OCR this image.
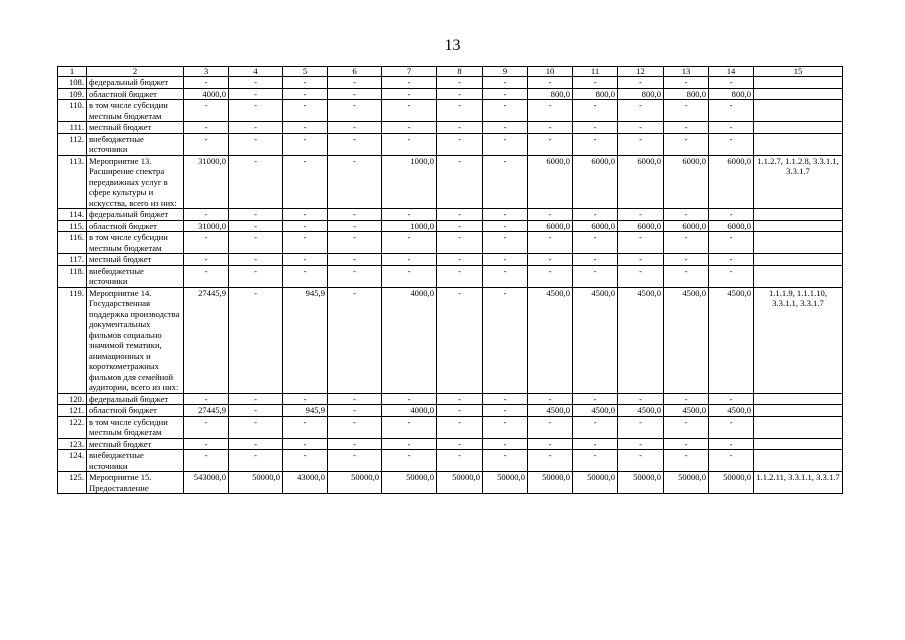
13
1	2	3	4	5	6	7	8	9	10	11	12	13	14	15
108.	федеральный бюджет	-	-	-	-	-	-	-	-	-	-	-	-	
109.	областной бюджет	4000,0	-	-	-	-	-	-	800,0	800,0	800,0	800,0	800,0	
110.	в том числе субсидии местным бюджетам	-	-	-	-	-	-	-	-	-	-	-	-	
111.	местный бюджет	-	-	-	-	-	-	-	-	-	-	-	-	
112.	внебюджетные источники	-	-	-	-	-	-	-	-	-	-	-	-	
113.	Мероприятие 13. Расширение спектра передвижных услуг в сфере культуры и искусства, всего из них:	31000,0	-	-	-	1000,0	-	-	6000,0	6000,0	6000,0	6000,0	6000,0	1.1.2.7, 1.1.2.8, 3.3.1.1, 3.3.1.7
114.	федеральный бюджет	-	-	-	-	-	-	-	-	-	-	-	-	
115.	областной бюджет	31000,0	-	-	-	1000,0	-	-	6000,0	6000,0	6000,0	6000,0	6000,0	
116.	в том числе субсидии местным бюджетам	-	-	-	-	-	-	-	-	-	-	-	-	
117.	местный бюджет	-	-	-	-	-	-	-	-	-	-	-	-	
118.	внебюджетные источники	-	-	-	-	-	-	-	-	-	-	-	-	
119.	Мероприятие 14. Государственная поддержка производства документальных фильмов социально значимой тематики, анимационных и короткометражных фильмов для семейной аудитории, всего из них:	27445,9	-	945,9	-	4000,0	-	-	4500,0	4500,0	4500,0	4500,0	4500,0	1.1.1.9, 1.1.1.10, 3.3.1.1, 3.3.1.7
120.	федеральный бюджет	-	-	-	-	-	-	-	-	-	-	-	-	
121.	областной бюджет	27445,9	-	945,9	-	4000,0	-	-	4500,0	4500,0	4500,0	4500,0	4500,0	
122.	в том числе субсидии местным бюджетам	-	-	-	-	-	-	-	-	-	-	-	-	
123.	местный бюджет	-	-	-	-	-	-	-	-	-	-	-	-	
124.	внебюджетные источники	-	-	-	-	-	-	-	-	-	-	-	-	
125.	Мероприятие 15. Предоставление	543000,0	50000,0	43000,0	50000,0	50000,0	50000,0	50000,0	50000,0	50000,0	50000,0	50000,0	50000,0	1.1.2.11, 3.3.1.1, 3.3.1.7
